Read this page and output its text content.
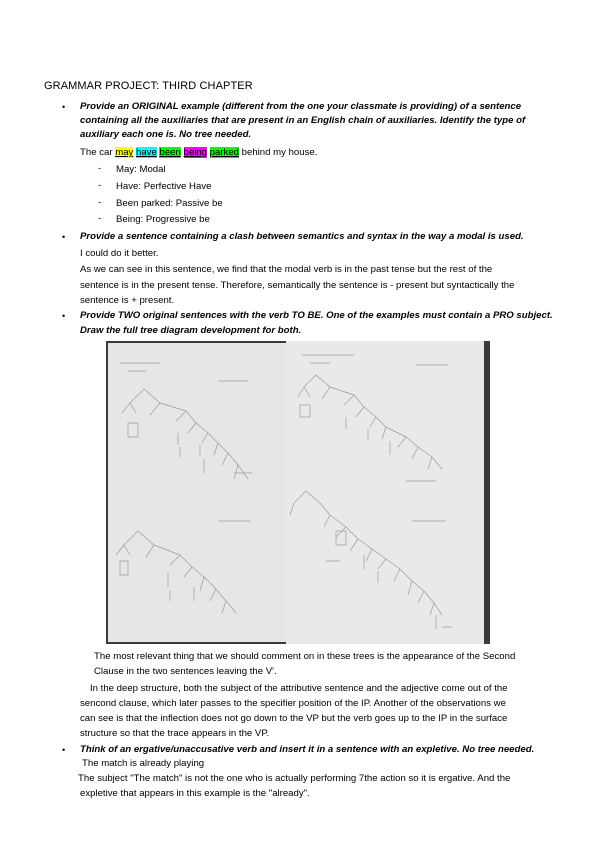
GRAMMAR PROJECT: THIRD CHAPTER
• Provide an ORIGINAL example (different from the one your classmate is providing) of a sentence
containing all the auxiliaries that are present in an English chain of auxiliaries. Identify the type of
auxiliary each one is. No tree needed.
The car may have been being parked behind my house.
- May: Modal
- Have: Perfective Have
- Been parked: Passive be
- Being: Progressive be
• Provide a sentence containing a clash between semantics and syntax in the way a modal is used.
I could do it better.
As we can see in this sentence, we find that the modal verb is in the past tense but the rest of the
sentence is in the present tense. Therefore, semantically the sentence is - present but syntactically the
sentence is + present.
• Provide TWO original sentences with the verb TO BE. One of the examples must contain a PRO subject.
Draw the full tree diagram development for both.
The most relevant thing that we should comment on in these trees is the appearance of the Second
Clause in the two sentences leaving the V'.
In the deep structure, both the subject of the attributive sentence and the adjective come out of the
sencond clause, which later passes to the specifier position of the IP. Another of the observations we
can see is that the inflection does not go down to the VP but the verb goes up to the IP in the surface
structure so that the trace appears in the VP.
• Think of an ergative/unaccusative verb and insert it in a sentence with an expletive. No tree needed.
The match is already playing
The subject "The match" is not the one who is actually performing 7the action so it is ergative. And the
expletive that appears in this example is the "already".
